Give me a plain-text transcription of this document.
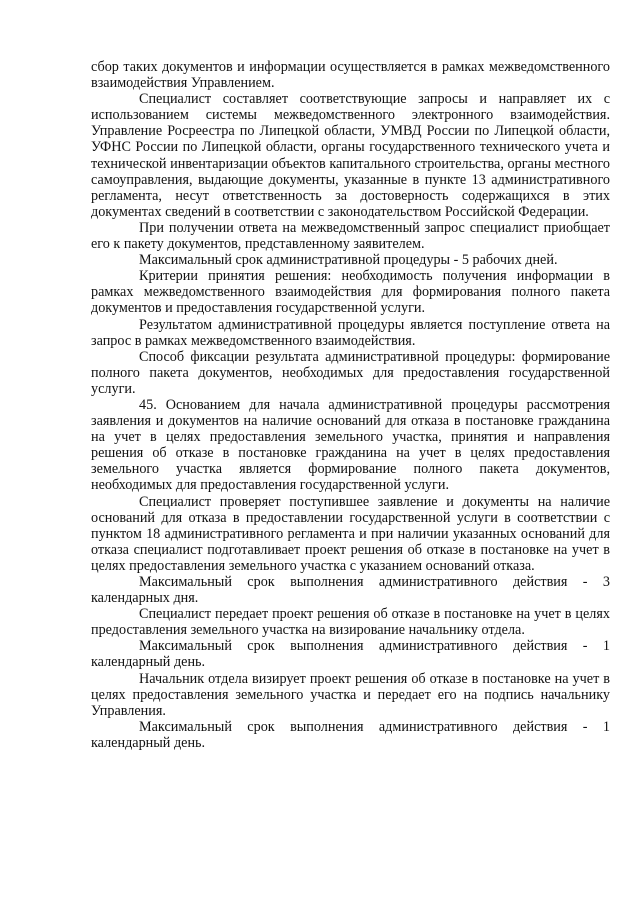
сбор таких документов и информации осуществляется в рамках межведомственного взаимодействия Управлением.

Специалист составляет соответствующие запросы и направляет их с использованием системы межведомственного электронного взаимодействия. Управление Росреестра по Липецкой области, УМВД России по Липецкой области, УФНС России по Липецкой области, органы государственного технического учета и технической инвентаризации объектов капитального строительства, органы местного самоуправления, выдающие документы, указанные в пункте 13 административного регламента, несут ответственность за достоверность содержащихся в этих документах сведений в соответствии с законодательством Российской Федерации.

При получении ответа на межведомственный запрос специалист приобщает его к пакету документов, представленному заявителем.

Максимальный срок административной процедуры - 5 рабочих дней.

Критерии принятия решения: необходимость получения информации в рамках межведомственного взаимодействия для формирования полного пакета документов и предоставления государственной услуги.

Результатом административной процедуры является поступление ответа на запрос в рамках межведомственного взаимодействия.

Способ фиксации результата административной процедуры: формирование полного пакета документов, необходимых для предоставления государственной услуги.

45. Основанием для начала административной процедуры рассмотрения заявления и документов на наличие оснований для отказа в постановке гражданина на учет в целях предоставления земельного участка, принятия и направления решения об отказе в постановке гражданина на учет в целях предоставления земельного участка является формирование полного пакета документов, необходимых для предоставления государственной услуги.

Специалист проверяет поступившее заявление и документы на наличие оснований для отказа в предоставлении государственной услуги в соответствии с пунктом 18 административного регламента и при наличии указанных оснований для отказа специалист подготавливает проект решения об отказе в постановке на учет в целях предоставления земельного участка с указанием оснований отказа.

Максимальный срок выполнения административного действия - 3 календарных дня.

Специалист передает проект решения об отказе в постановке на учет в целях предоставления земельного участка на визирование начальнику отдела.

Максимальный срок выполнения административного действия - 1 календарный день.

Начальник отдела визирует проект решения об отказе в постановке на учет в целях предоставления земельного участка и передает его на подпись начальнику Управления.

Максимальный срок выполнения административного действия - 1 календарный день.
